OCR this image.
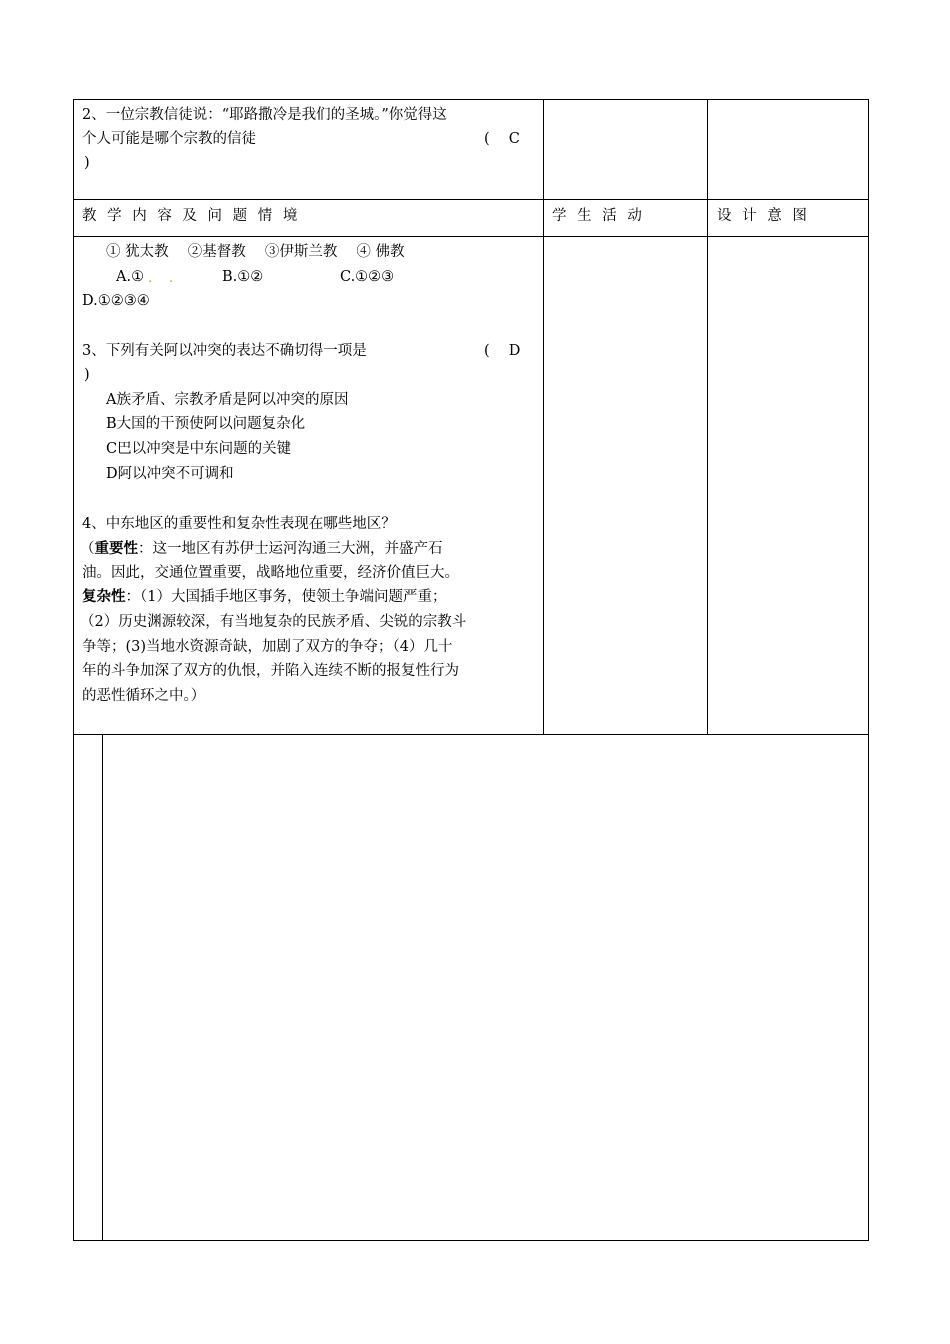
2、一位宗教信徒说：“耶路撒冷是我们的圣城。”你觉得这
个人可能是哪个宗教的信徒	(　 C
)
教 学 内 容 及 问 题 情 境	学 生 活 动	设 计 意 图
① 犹太教　 ②基督教　 ③伊斯兰教　 ④ 佛教
A.① . .	B.①②	C.①②③
D.①②③④
3、下列有关阿以冲突的表达不确切得一项是	(　 D
)
A族矛盾、宗教矛盾是阿以冲突的原因
B大国的干预使阿以问题复杂化
C巴以冲突是中东问题的关键
D阿以冲突不可调和
4、中东地区的重要性和复杂性表现在哪些地区？
（重要性：这一地区有苏伊士运河沟通三大洲，并盛产石
油。因此，交通位置重要，战略地位重要，经济价值巨大。
复杂性：（1）大国插手地区事务，使领土争端问题严重；
（2）历史渊源较深，有当地复杂的民族矛盾、尖锐的宗教斗
争等；(3)当地水资源奇缺，加剧了双方的争夺；（4）几十
年的斗争加深了双方的仇恨，并陷入连续不断的报复性行为
的恶性循环之中。）
